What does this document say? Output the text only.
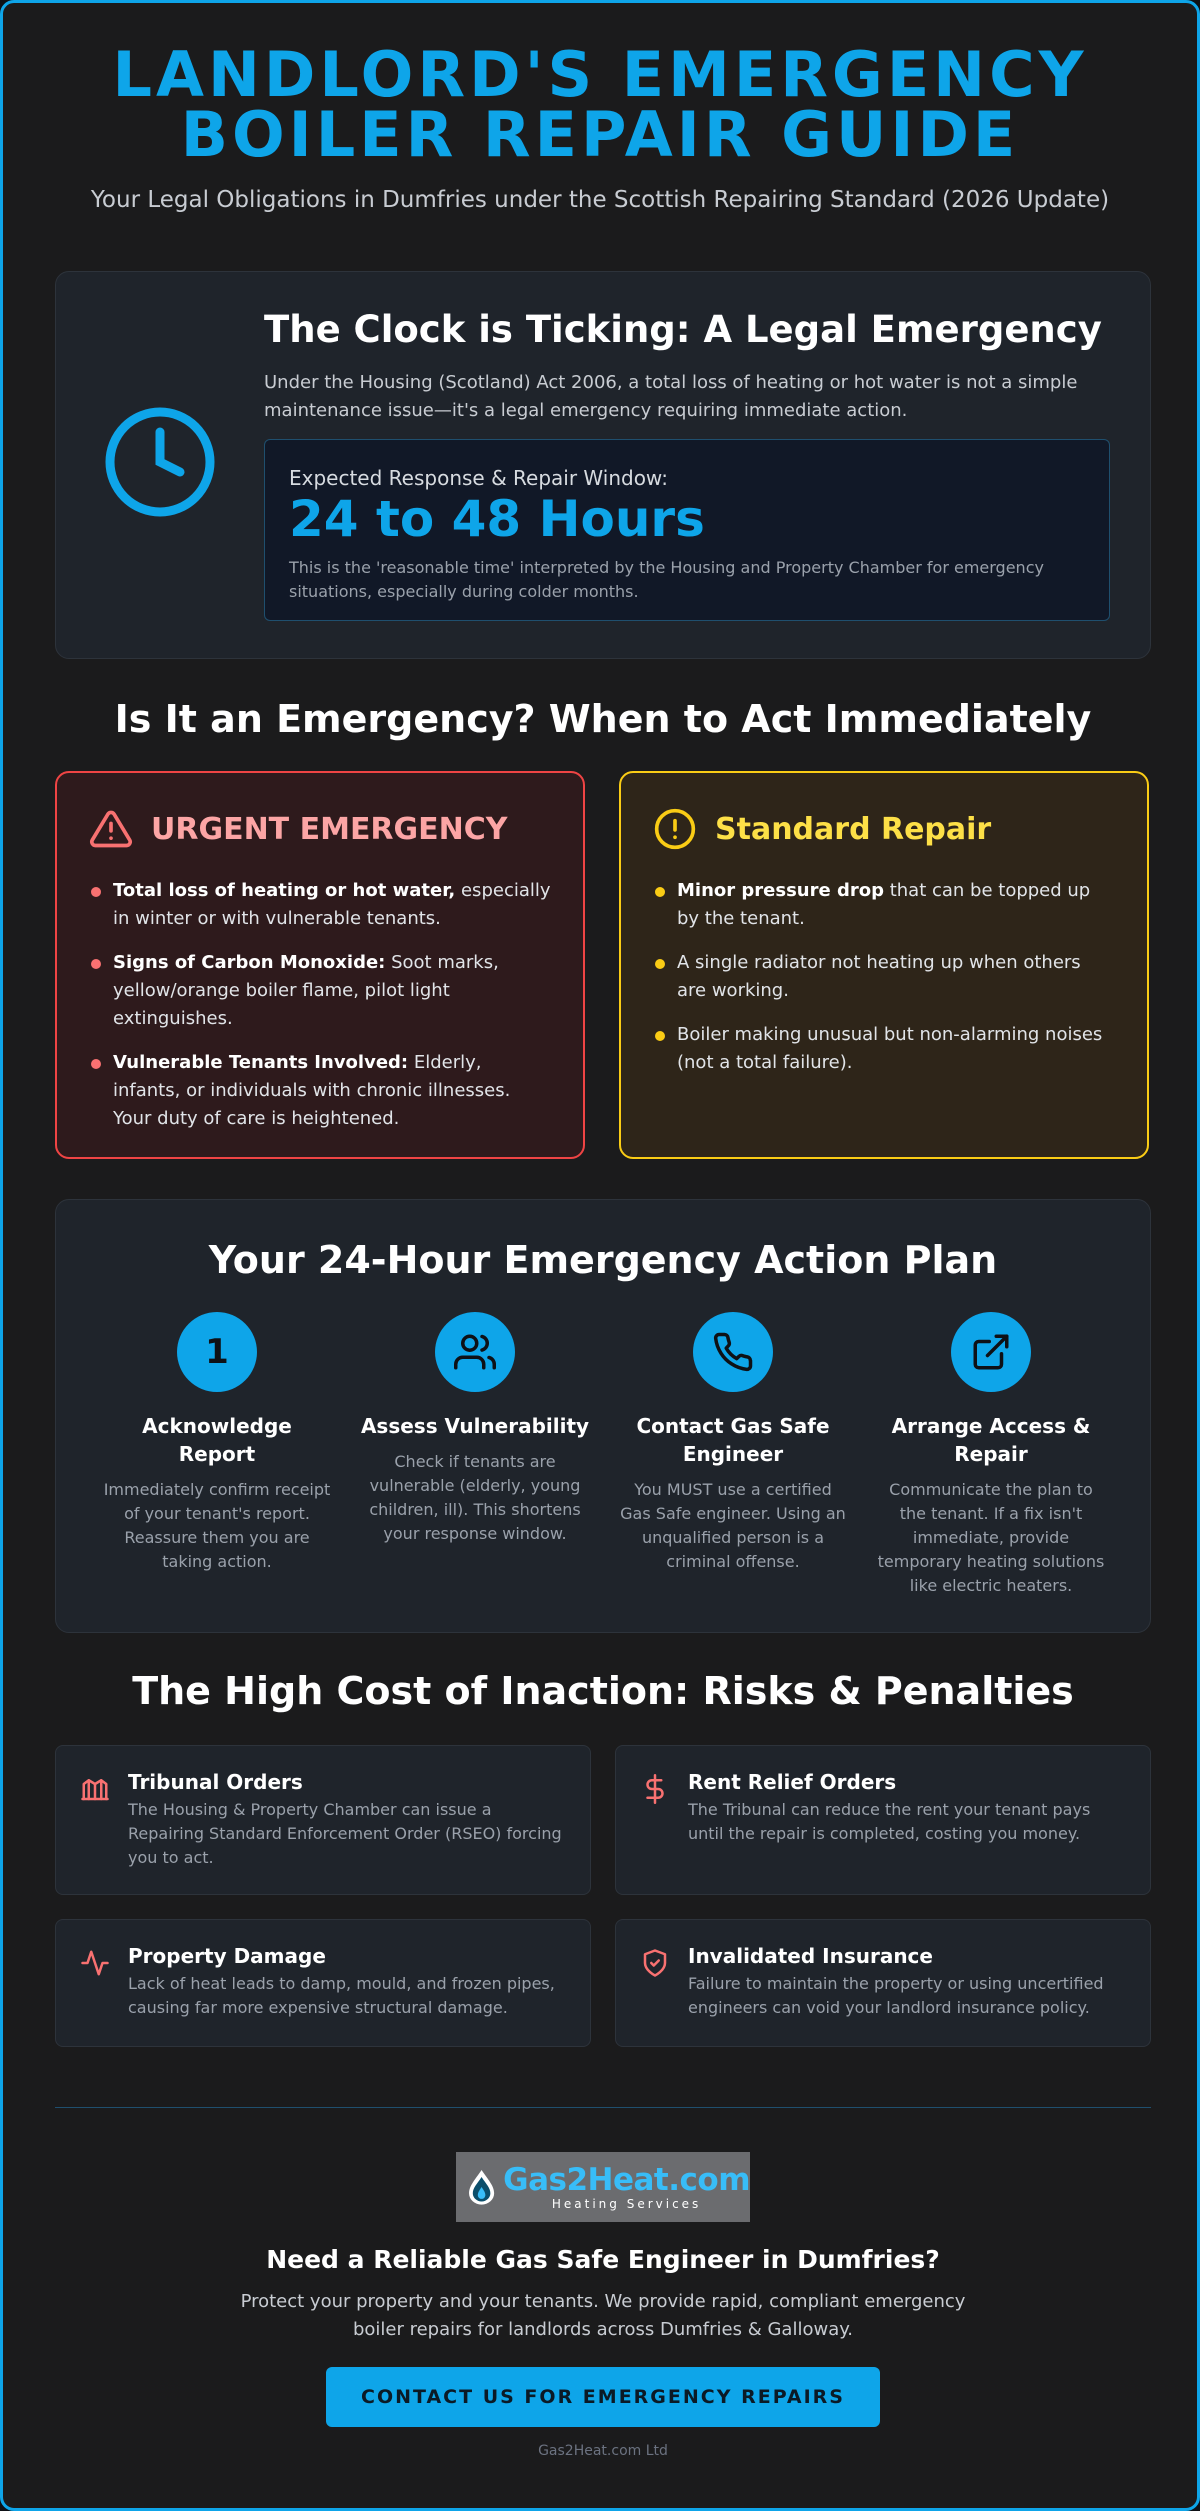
LANDLORD'S EMERGENCY
BOILER REPAIR GUIDE
Your Legal Obligations in Dumfries under the Scottish Repairing Standard (2026 Update)
The Clock is Ticking: A Legal Emergency
Under the Housing (Scotland) Act 2006, a total loss of heating or hot water is not a simple maintenance issue—it's a legal emergency requiring immediate action.
Expected Response & Repair Window:
24 to 48 Hours
This is the 'reasonable time' interpreted by the Housing and Property Chamber for emergency situations, especially during colder months.
Is It an Emergency? When to Act Immediately
URGENT EMERGENCY
Total loss of heating or hot water, especially in winter or with vulnerable tenants.
Signs of Carbon Monoxide: Soot marks, yellow/orange boiler flame, pilot light extinguishes.
Vulnerable Tenants Involved: Elderly, infants, or individuals with chronic illnesses. Your duty of care is heightened.
Standard Repair
Minor pressure drop that can be topped up by the tenant.
A single radiator not heating up when others are working.
Boiler making unusual but non-alarming noises (not a total failure).
Your 24-Hour Emergency Action Plan
1
Acknowledge Report
Immediately confirm receipt of your tenant's report. Reassure them you are taking action.
Assess Vulnerability
Check if tenants are vulnerable (elderly, young children, ill). This shortens your response window.
Contact Gas Safe Engineer
You MUST use a certified Gas Safe engineer. Using an unqualified person is a criminal offense.
Arrange Access & Repair
Communicate the plan to the tenant. If a fix isn't immediate, provide temporary heating solutions like electric heaters.
The High Cost of Inaction: Risks & Penalties
Tribunal Orders
The Housing & Property Chamber can issue a Repairing Standard Enforcement Order (RSEO) forcing you to act.
Rent Relief Orders
The Tribunal can reduce the rent your tenant pays until the repair is completed, costing you money.
Property Damage
Lack of heat leads to damp, mould, and frozen pipes, causing far more expensive structural damage.
Invalidated Insurance
Failure to maintain the property or using uncertified engineers can void your landlord insurance policy.
Gas2Heat.com
Heating Services
Need a Reliable Gas Safe Engineer in Dumfries?
Protect your property and your tenants. We provide rapid, compliant emergency boiler repairs for landlords across Dumfries & Galloway.
CONTACT US FOR EMERGENCY REPAIRS
Gas2Heat.com Ltd
